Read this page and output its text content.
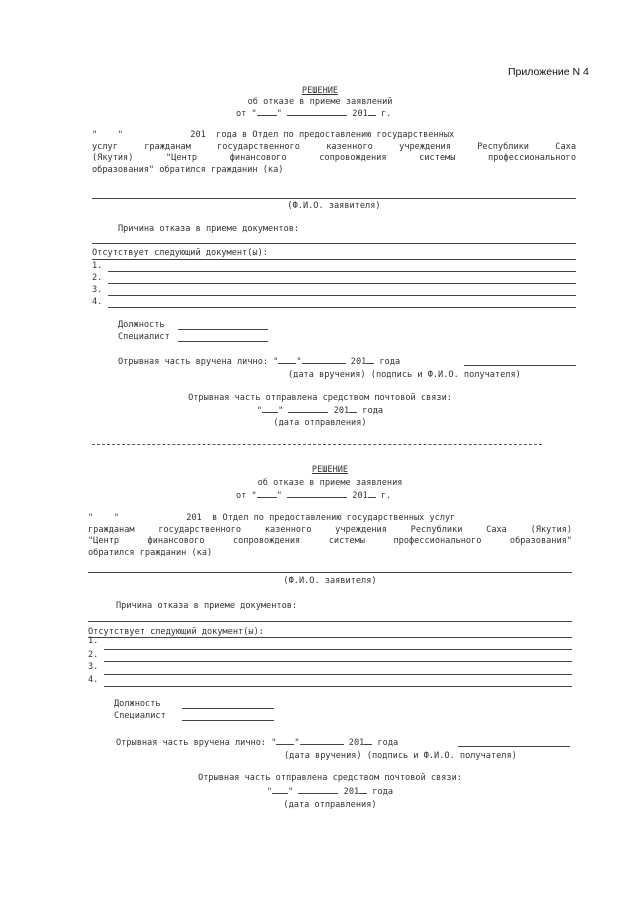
Приложение N 4
РЕШЕНИЕ
об отказе в приеме заявлений
от " "	201 г.
"    "             201  года в Отдел по предоставлению государственных
услуг гражданам государственного казенного учреждения Республики Саха
(Якутия) "Центр финансового сопровождения системы профессионального
образования" обратился гражданин (ка)
(Ф.И.О. заявителя)
Причина отказа в приеме документов:
Отсутствует следующий документ(ы):
1.
2.
3.
4.
Должность
Специалист
Отрывная часть вручена лично: " "	201 года
(дата вручения) (подпись и Ф.И.О. получателя)
Отрывная часть отправлена средством почтовой связи:
" "	201 года
(дата отправления)
РЕШЕНИЕ
об отказе в приеме заявления
от " "	201 г.
"    "             201  в Отдел по предоставлению государственных услуг
гражданам государственного казенного учреждения Республики Саха (Якутия)
"Центр финансового сопровождения системы профессионального образования"
обратился гражданин (ка)
(Ф.И.О. заявителя)
Причина отказа в приеме документов:
Отсутствует следующий документ(ы):
1.
2.
3.
4.
Должность
Специалист
Отрывная часть вручена лично: " "	201 года
(дата вручения) (подпись и Ф.И.О. получателя)
Отрывная часть отправлена средством почтовой связи:
" "	201 года
(дата отправления)
